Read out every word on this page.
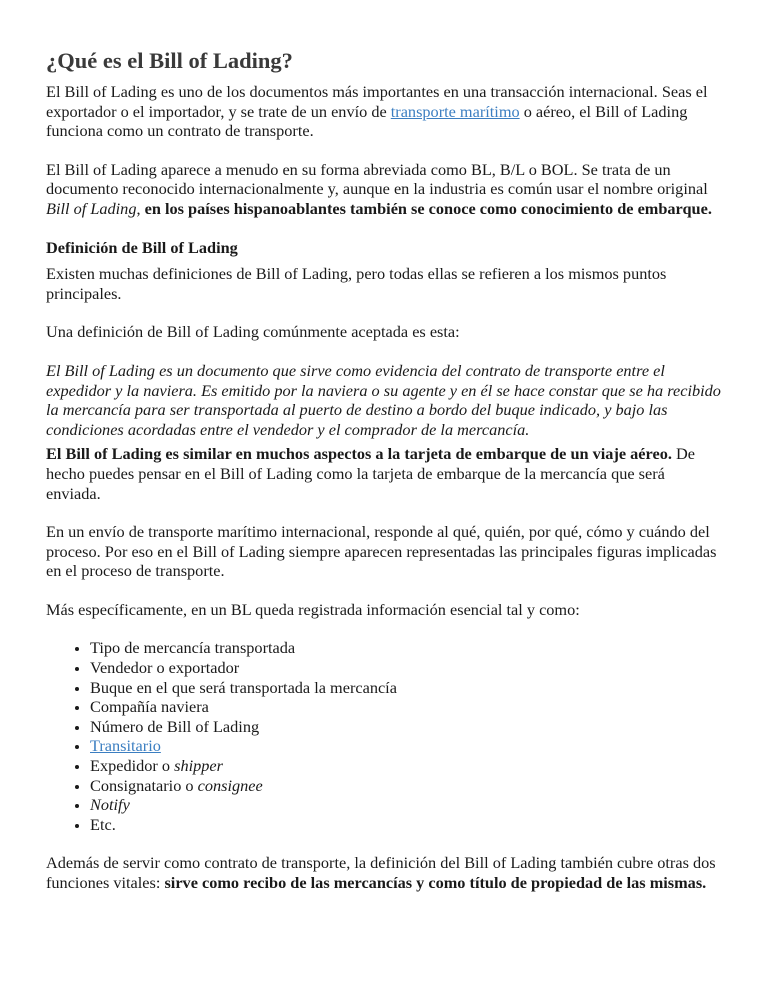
¿Qué es el Bill of Lading?

El Bill of Lading es uno de los documentos más importantes en una transacción internacional. Seas el exportador o el importador, y se trate de un envío de transporte marítimo o aéreo, el Bill of Lading funciona como un contrato de transporte.

El Bill of Lading aparece a menudo en su forma abreviada como BL, B/L o BOL. Se trata de un documento reconocido internacionalmente y, aunque en la industria es común usar el nombre original Bill of Lading, en los países hispanoablantes también se conoce como conocimiento de embarque.

Definición de Bill of Lading

Existen muchas definiciones de Bill of Lading, pero todas ellas se refieren a los mismos puntos principales.

Una definición de Bill of Lading comúnmente aceptada es esta:

El Bill of Lading es un documento que sirve como evidencia del contrato de transporte entre el expedidor y la naviera. Es emitido por la naviera o su agente y en él se hace constar que se ha recibido la mercancía para ser transportada al puerto de destino a bordo del buque indicado, y bajo las condiciones acordadas entre el vendedor y el comprador de la mercancía.

El Bill of Lading es similar en muchos aspectos a la tarjeta de embarque de un viaje aéreo. De hecho puedes pensar en el Bill of Lading como la tarjeta de embarque de la mercancía que será enviada.

En un envío de transporte marítimo internacional, responde al qué, quién, por qué, cómo y cuándo del proceso. Por eso en el Bill of Lading siempre aparecen representadas las principales figuras implicadas en el proceso de transporte.

Más específicamente, en un BL queda registrada información esencial tal y como:

• Tipo de mercancía transportada
• Vendedor o exportador
• Buque en el que será transportada la mercancía
• Compañía naviera
• Número de Bill of Lading
• Transitario
• Expedidor o shipper
• Consignatario o consignee
• Notify
• Etc.

Además de servir como contrato de transporte, la definición del Bill of Lading también cubre otras dos funciones vitales: sirve como recibo de las mercancías y como título de propiedad de las mismas.
